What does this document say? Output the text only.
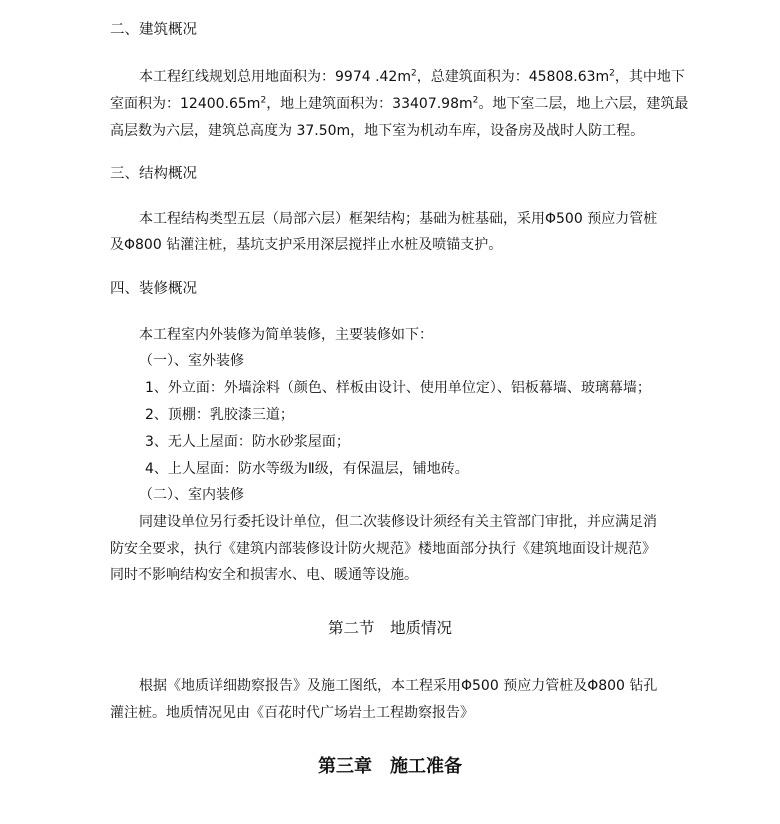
二、建筑概况
本工程红线规划总用地面积为：9974 $.42m^2$，总建筑面积为：$45808.63m^2$，其中地下
室面积为：$12400.65m^2$，地上建筑面积为：$33407.98m^2$。地下室二层，地上六层，建筑最
高层数为六层，建筑总高度为 37.50m，地下室为机动车库，设备房及战时人防工程。
三、结构概况
本工程结构类型五层（局部六层）框架结构；基础为桩基础，采用Φ500 预应力管桩
及Φ800 钻灌注桩，基坑支护采用深层搅拌止水桩及喷锚支护。
四、装修概况
本工程室内外装修为简单装修，主要装修如下：
（一）、室外装修
1、外立面：外墙涂料（颜色、样板由设计、使用单位定）、铝板幕墙、玻璃幕墙；
2、顶棚：乳胶漆三道；
3、无人上屋面：防水砂浆屋面；
4、上人屋面：防水等级为Ⅱ级，有保温层，铺地砖。
（二）、室内装修
同建设单位另行委托设计单位，但二次装修设计须经有关主管部门审批，并应满足消
防安全要求，执行《建筑内部装修设计防火规范》楼地面部分执行《建筑地面设计规范》
同时不影响结构安全和损害水、电、暖通等设施。
第二节　地质情况
根据《地质详细勘察报告》及施工图纸，本工程采用Φ500 预应力管桩及Φ800 钻孔
灌注桩。地质情况见由《百花时代广场岩土工程勘察报告》
第三章　施工准备
